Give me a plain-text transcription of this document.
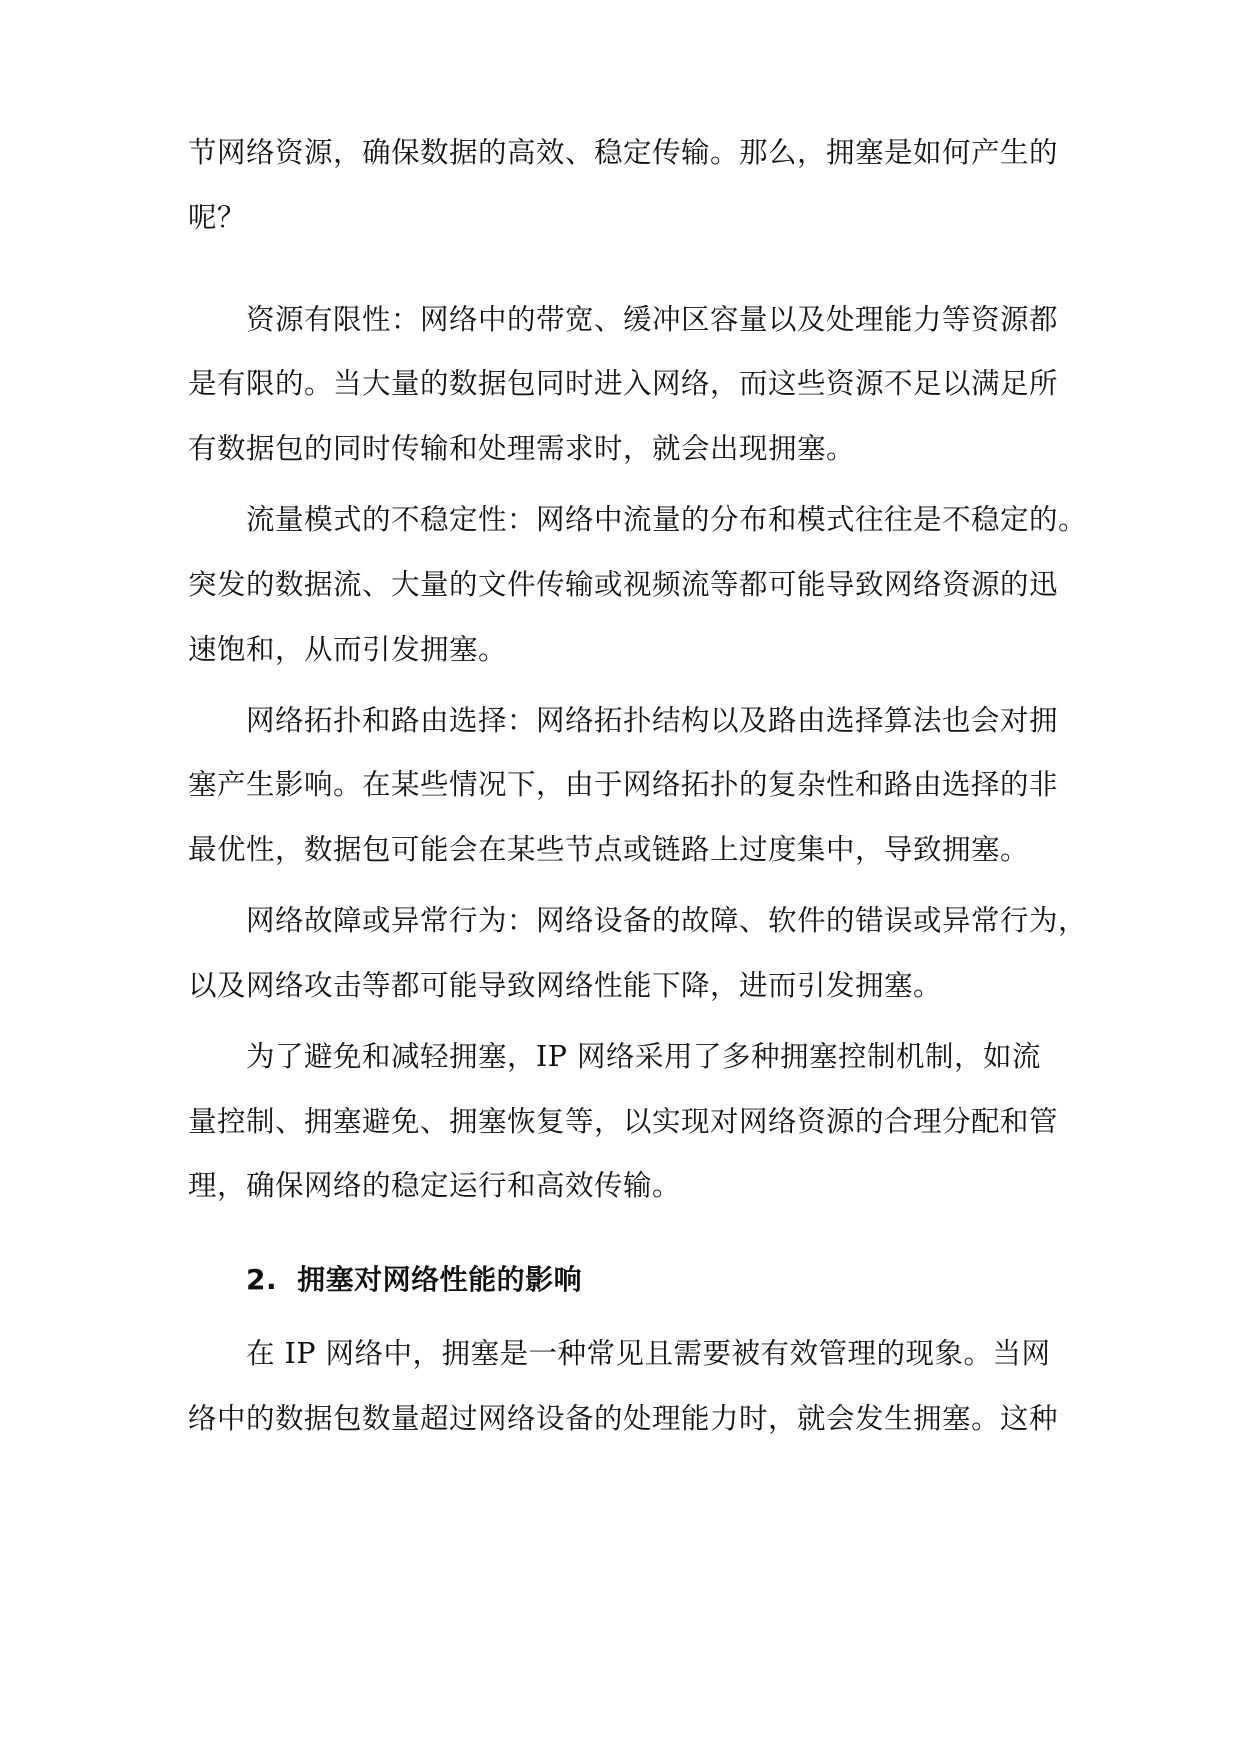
节网络资源，确保数据的高效、稳定传输。那么，拥塞是如何产生的
呢？
资源有限性：网络中的带宽、缓冲区容量以及处理能力等资源都
是有限的。当大量的数据包同时进入网络，而这些资源不足以满足所
有数据包的同时传输和处理需求时，就会出现拥塞。
流量模式的不稳定性：网络中流量的分布和模式往往是不稳定的。
突发的数据流、大量的文件传输或视频流等都可能导致网络资源的迅
速饱和，从而引发拥塞。
网络拓扑和路由选择：网络拓扑结构以及路由选择算法也会对拥
塞产生影响。在某些情况下，由于网络拓扑的复杂性和路由选择的非
最优性，数据包可能会在某些节点或链路上过度集中，导致拥塞。
网络故障或异常行为：网络设备的故障、软件的错误或异常行为，
以及网络攻击等都可能导致网络性能下降，进而引发拥塞。
为了避免和减轻拥塞，IP 网络采用了多种拥塞控制机制，如流
量控制、拥塞避免、拥塞恢复等，以实现对网络资源的合理分配和管
理，确保网络的稳定运行和高效传输。
2. 拥塞对网络性能的影响
在 IP 网络中，拥塞是一种常见且需要被有效管理的现象。当网
络中的数据包数量超过网络设备的处理能力时，就会发生拥塞。这种
